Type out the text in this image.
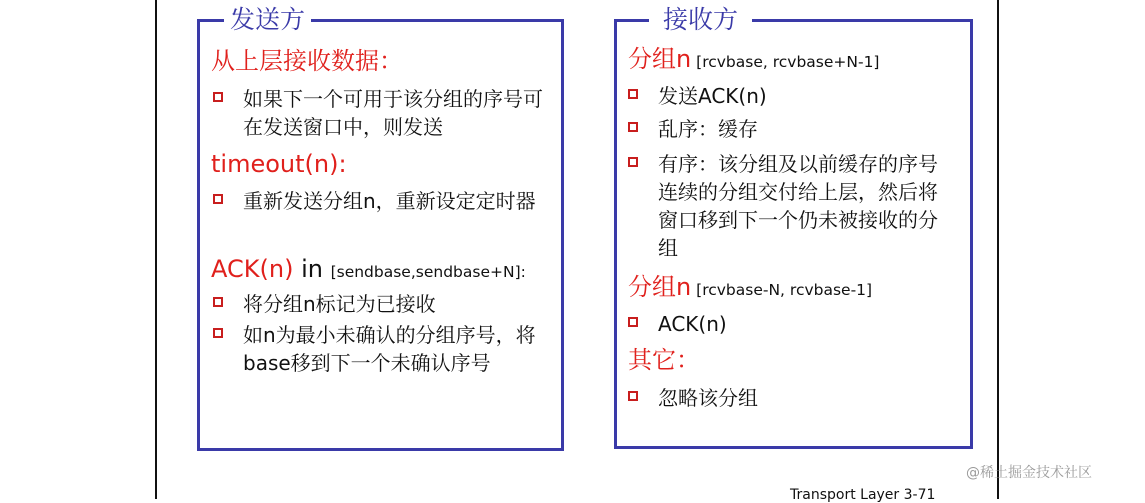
发送方
从上层接收数据：
如果下一个可用于该分组的序号可在发送窗口中，则发送
timeout(n):
重新发送分组n，重新设定定时器
ACK(n) in [sendbase,sendbase+N]:
将分组n标记为已接收
如n为最小未确认的分组序号，将base移到下一个未确认序号
接收方
分组n [rcvbase, rcvbase+N-1]
发送ACK(n)
乱序：缓存
有序：该分组及以前缓存的序号连续的分组交付给上层，然后将窗口移到下一个仍未被接收的分组
分组n [rcvbase-N, rcvbase-1]
ACK(n)
其它：
忽略该分组
Transport Layer 3-71
@稀土掘金技术社区
